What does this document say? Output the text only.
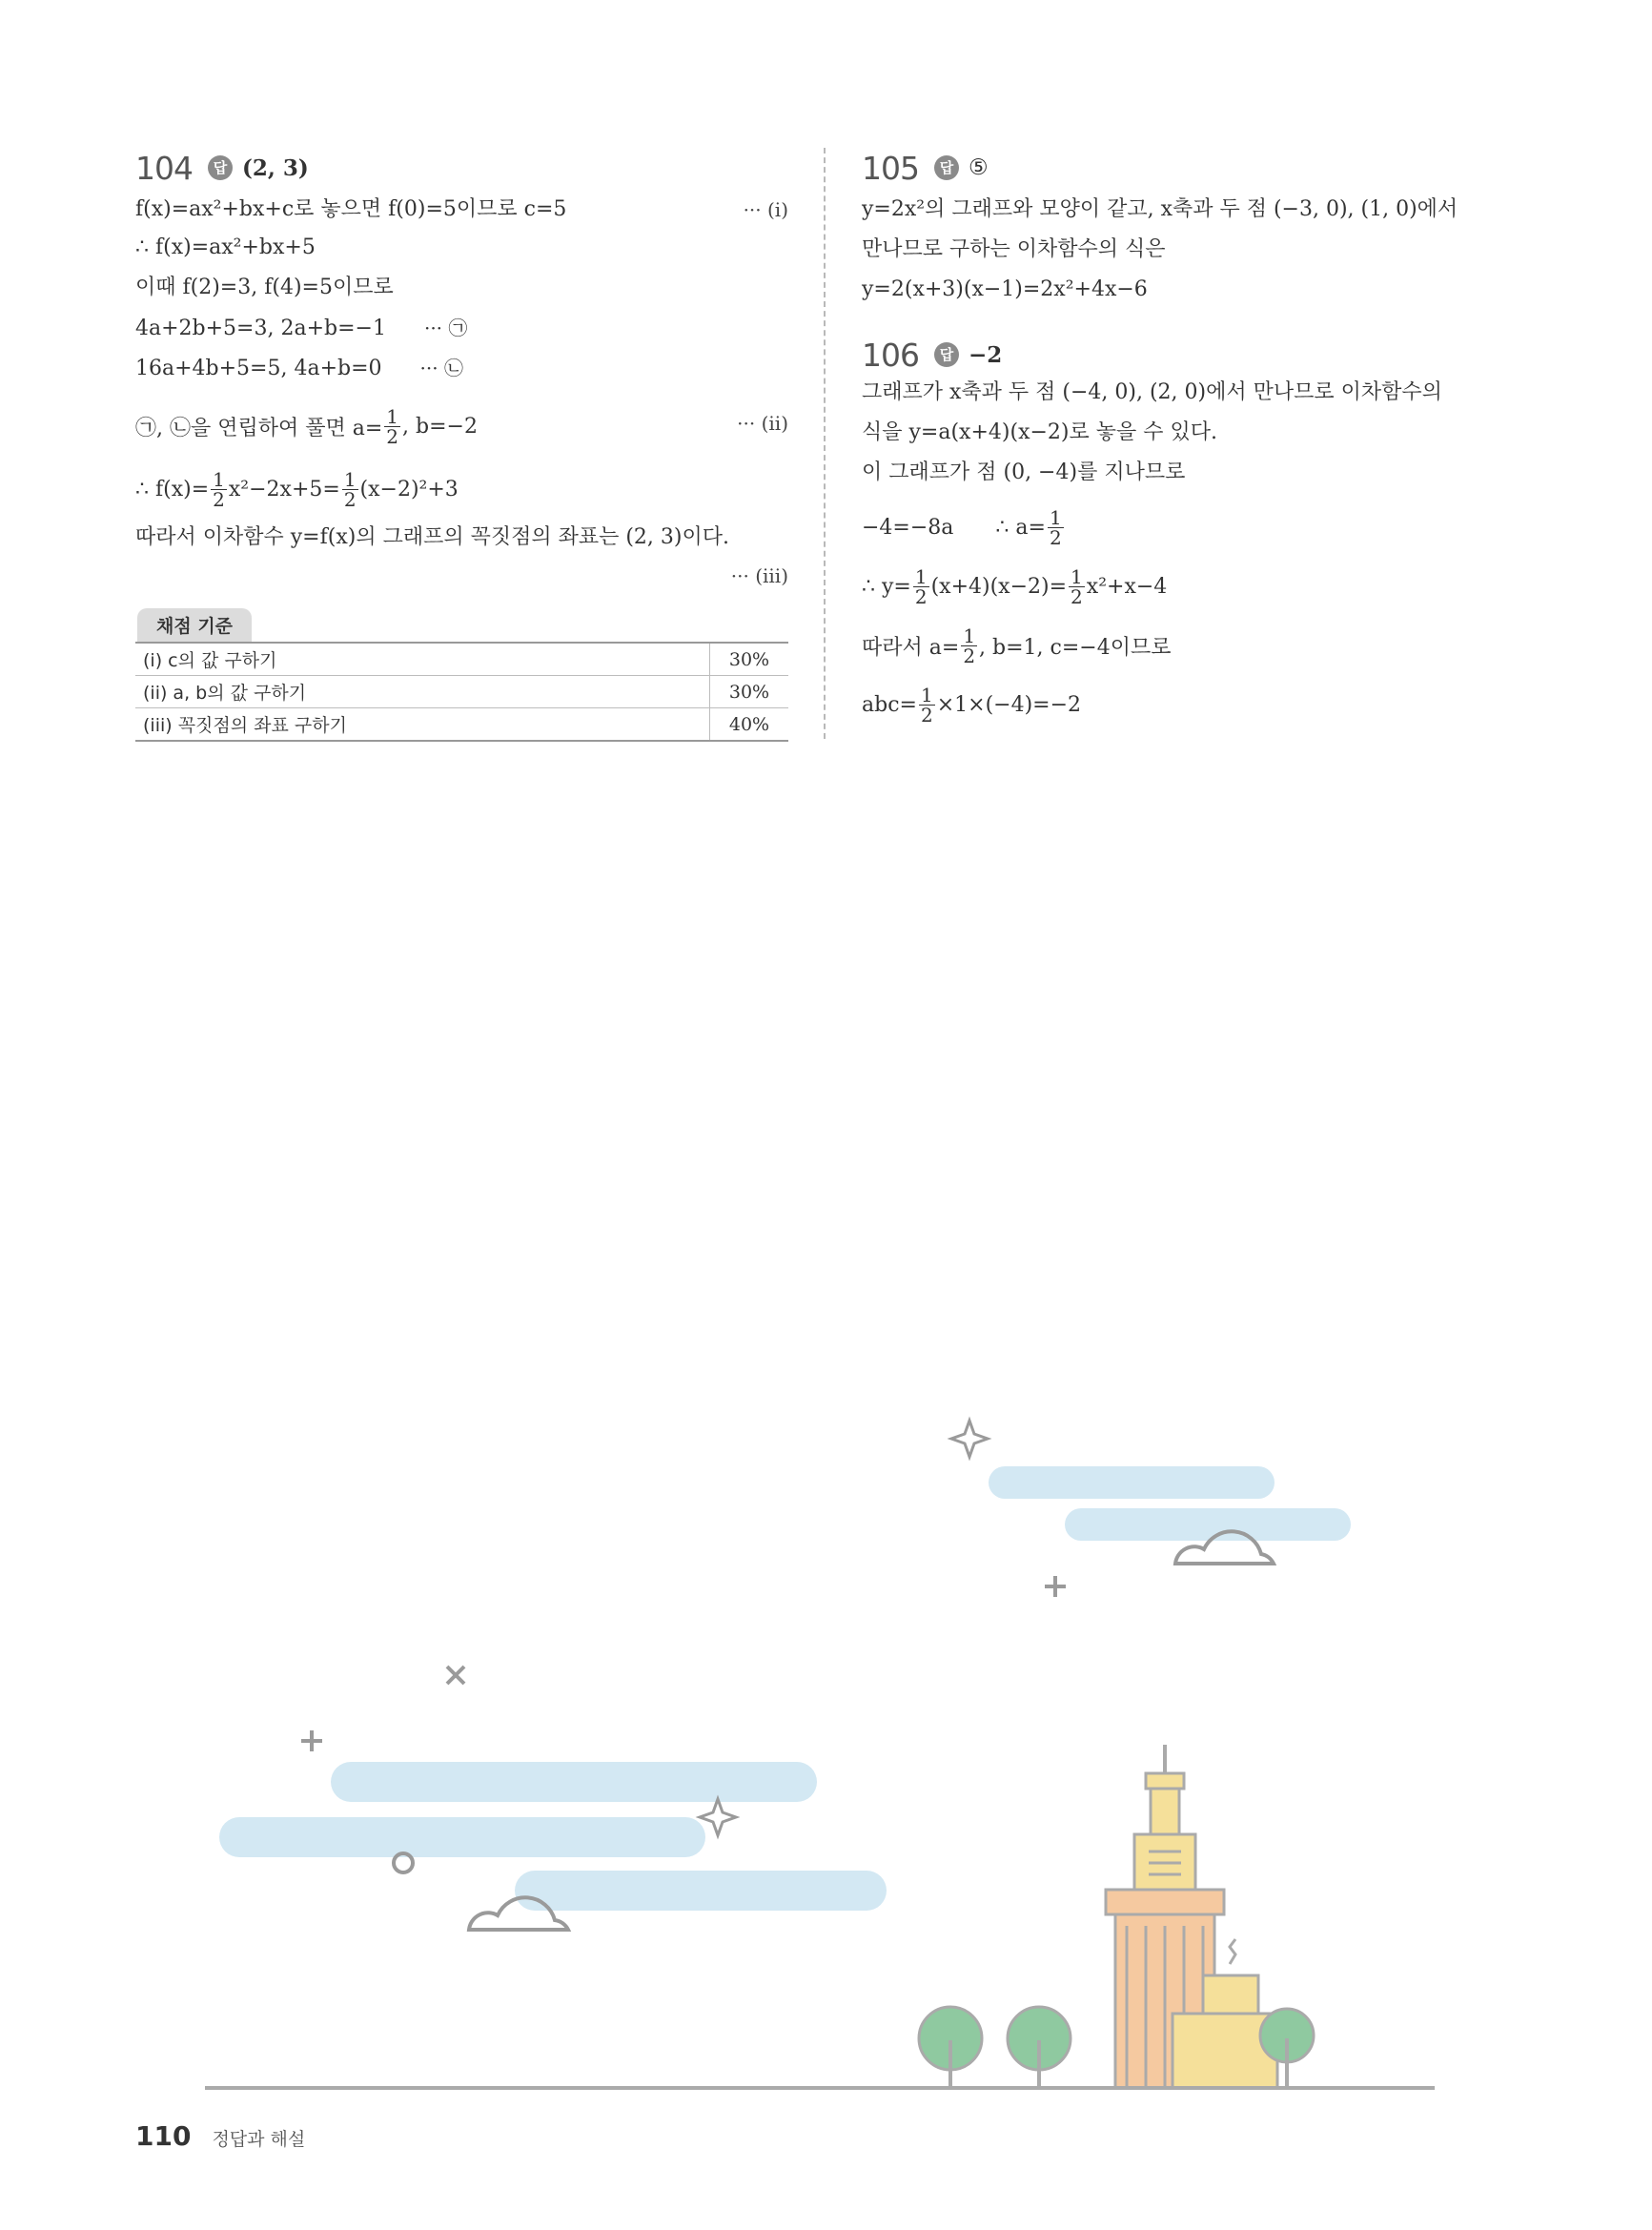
104	답 (2, 3)
f(x)=ax²+bx+c로 놓으면 f(0)=5이므로 c=5	··· (i)
∴ f(x)=ax²+bx+5
이때 f(2)=3, f(4)=5이므로
4a+2b+5=3, 2a+b=−1 ··· ㉠
16a+4b+5=5, 4a+b=0 ··· ㉡
㉠, ㉡을 연립하여 풀면 $a= \frac{1}{2}$ , b=−2	··· (ii)
∴ $f(x)= \frac{1}{2} x^2-2x+5= \frac{1}{2} (x-2)^2+3$
따라서 이차함수 y=f(x)의 그래프의 꼭짓점의 좌표는 (2, 3)이다.
··· (iii)
채점 기준
(i) c의 값 구하기	30%
(ii) a, b의 값 구하기	30%
(iii) 꼭짓점의 좌표 구하기	40%
105	답 ⑤
y=2x²의 그래프와 모양이 같고, x축과 두 점 (−3, 0), (1, 0)에서
만나므로 구하는 이차함수의 식은
y=2(x+3)(x−1)=2x²+4x−6
106	답 −2
그래프가 x축과 두 점 (−4, 0), (2, 0)에서 만나므로 이차함수의
식을 y=a(x+4)(x−2)로 놓을 수 있다.
이 그래프가 점 (0, −4)를 지나므로
−4=−8a ∴ $a= \frac{1}{2}$
∴ $y= \frac{1}{2} (x+4)(x-2)= \frac{1}{2} x^2+x-4$
따라서 $a= \frac{1}{2}$ , b=1, c=−4이므로
$abc= \frac{1}{2} \times 1\times(-4)=-2$
110 정답과 해설
